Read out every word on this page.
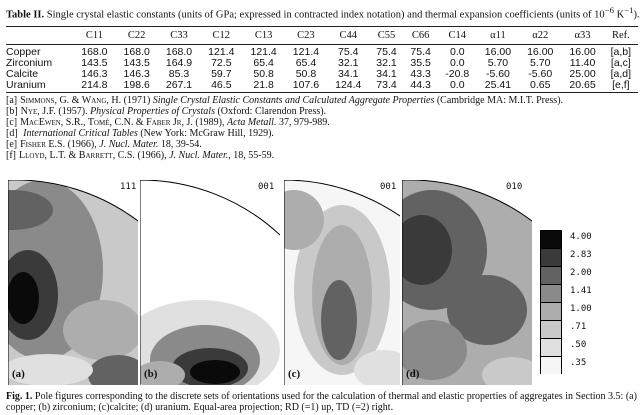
Table II. Single crystal elastic constants (units of GPa; expressed in contracted index notation) and thermal expansion coefficients (units of $10^{-6}$ $K^{-1}$).
	C11	C22	C33	C12	C13	C23	C44	C55	C66	C14	α11	α22	α33	Ref.
Copper	168.0	168.0	168.0	121.4	121.4	121.4	75.4	75.4	75.4	0.0	16.00	16.00	16.00	[a,b]
Zirconium	143.5	143.5	164.9	72.5	65.4	65.4	32.1	32.1	35.5	0.0	5.70	5.70	11.40	[a,c]
Calcite	146.3	146.3	85.3	59.7	50.8	50.8	34.1	34.1	43.3	-20.8	-5.60	-5.60	25.00	[a,d]
Uranium	214.8	198.6	267.1	46.5	21.8	107.6	124.4	73.4	44.3	0.0	25.41	0.65	20.65	[e,f]
[a] Simmons, G. & Wang, H. (1971) Single Crystal Elastic Constants and Calculated Aggregate Properties (Cambridge MA: M.I.T. Press).
[b] Nye, J.F. (1957). Physical Properties of Crystals (Oxford: Clarendon Press).
[c] MacEwen, S.R., Tomé, C.N. & Faber Jr, J. (1989), Acta Metall. 37, 979-989.
[d] International Critical Tables (New York: McGraw Hill, 1929).
[e] Fisher E.S. (1966), J. Nucl. Mater. 18, 39-54.
[f] Lloyd, L.T. & Barrett, C.S. (1966), J. Nucl. Mater., 18, 55-59.
111
(a)
001
(b)
001
(c)
010
(d)
4.00
2.83
2.00
1.41
1.00
.71
.50
.35
Fig. 1. Pole figures corresponding to the discrete sets of orientations used for the calculation of thermal and elastic properties of aggregates in Section 3.5: (a) copper; (b) zirconium; (c)calcite; (d) uranium. Equal-area projection; RD (=1) up, TD (=2) right.
